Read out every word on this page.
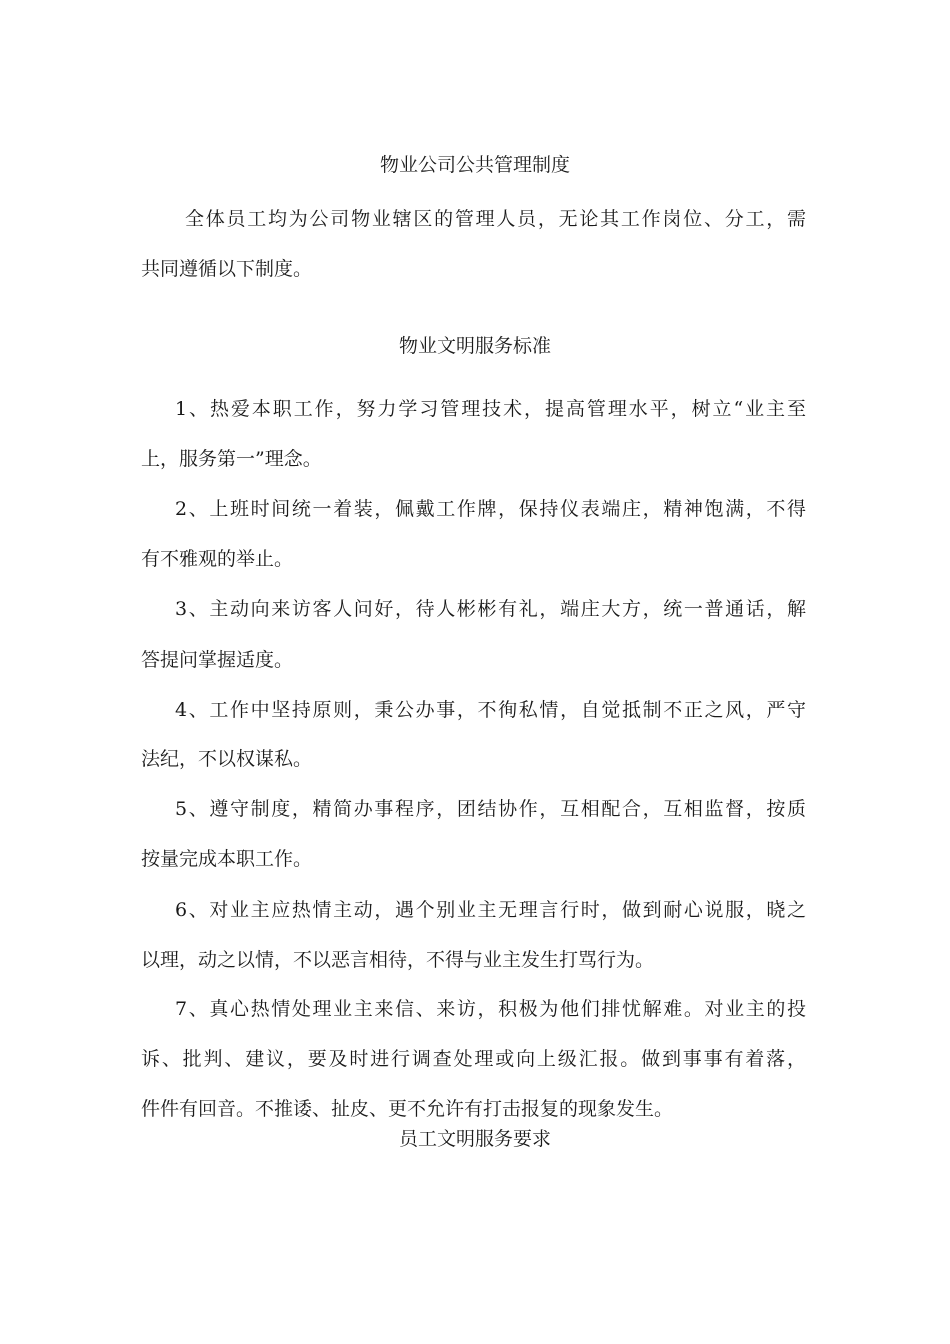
物业公司公共管理制度
全体员工均为公司物业辖区的管理人员，无论其工作岗位、分工，需
共同遵循以下制度。
物业文明服务标准
1、热爱本职工作，努力学习管理技术，提高管理水平，树立“业主至
上，服务第一”理念。
2、上班时间统一着装，佩戴工作牌，保持仪表端庄，精神饱满，不得
有不雅观的举止。
3、主动向来访客人问好，待人彬彬有礼，端庄大方，统一普通话，解
答提问掌握适度。
4、工作中坚持原则，秉公办事，不徇私情，自觉抵制不正之风，严守
法纪，不以权谋私。
5、遵守制度，精简办事程序，团结协作，互相配合，互相监督，按质
按量完成本职工作。
6、对业主应热情主动，遇个别业主无理言行时，做到耐心说服，晓之
以理，动之以情，不以恶言相待，不得与业主发生打骂行为。
7、真心热情处理业主来信、来访，积极为他们排忧解难。对业主的投
诉、批判、建议，要及时进行调查处理或向上级汇报。做到事事有着落，
件件有回音。不推诿、扯皮、更不允许有打击报复的现象发生。
员工文明服务要求
